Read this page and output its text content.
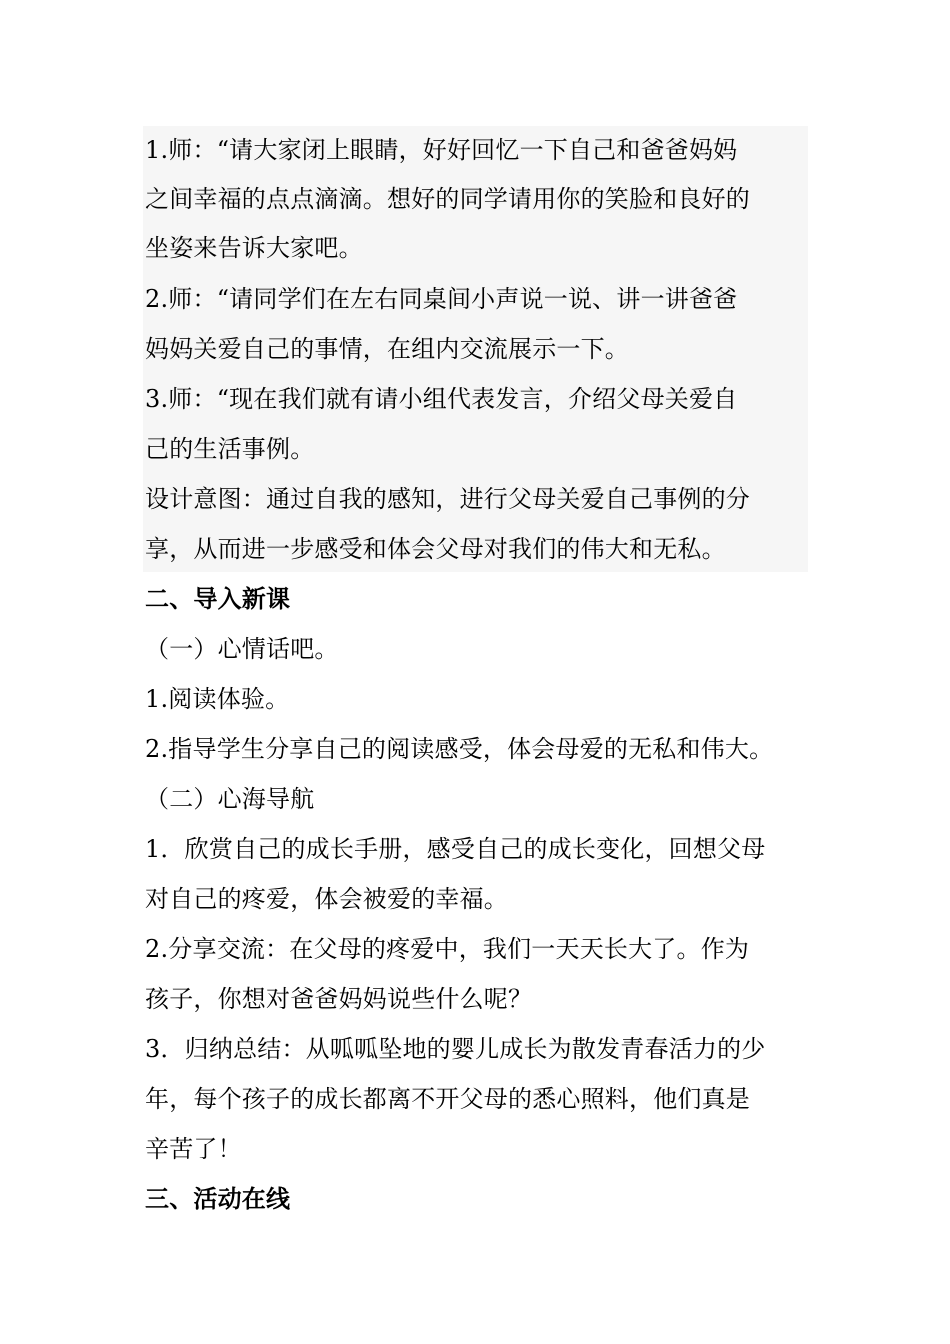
1.师：“请大家闭上眼睛，好好回忆一下自己和爸爸妈妈
之间幸福的点点滴滴。想好的同学请用你的笑脸和良好的
坐姿来告诉大家吧。
2.师：“请同学们在左右同桌间小声说一说、讲一讲爸爸
妈妈关爱自己的事情，在组内交流展示一下。
3.师：“现在我们就有请小组代表发言，介绍父母关爱自
己的生活事例。
设计意图：通过自我的感知，进行父母关爱自己事例的分
享，从而进一步感受和体会父母对我们的伟大和无私。
二、导入新课
（一）心情话吧。
1.阅读体验。
2.指导学生分享自己的阅读感受，体会母爱的无私和伟大。
（二）心海导航
1．欣赏自己的成长手册，感受自己的成长变化，回想父母
对自己的疼爱，体会被爱的幸福。
2.分享交流：在父母的疼爱中，我们一天天长大了。作为
孩子，你想对爸爸妈妈说些什么呢？
3．归纳总结：从呱呱坠地的婴儿成长为散发青春活力的少
年，每个孩子的成长都离不开父母的悉心照料，他们真是
辛苦了！
三、活动在线
